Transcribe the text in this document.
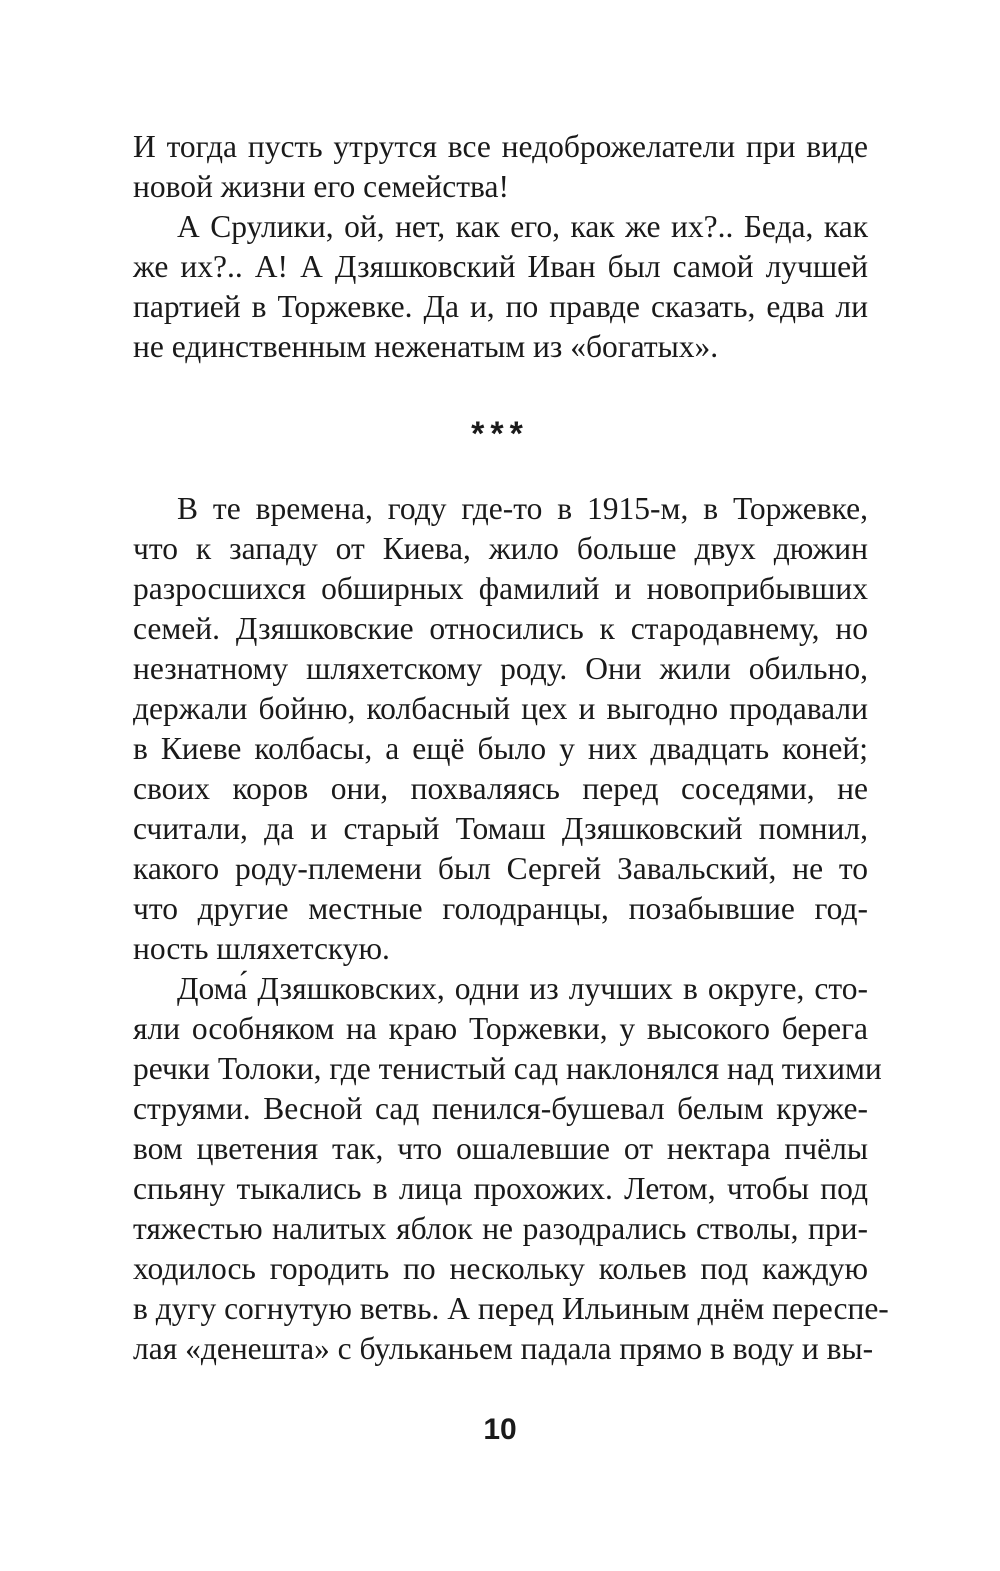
И тогда пусть утрутся все недоброжелатели при виде
новой жизни его семейства!
А Срулики, ой, нет, как его, как же их?.. Беда, как
же их?.. А! А Дзяшковский Иван был самой лучшей
партией в Торжевке. Да и, по правде сказать, едва ли
не единственным неженатым из «богатых».
***
В те времена, году где-то в 1915-м, в Торжевке,
что к западу от Киева, жило больше двух дюжин
разросшихся обширных фамилий и новоприбывших
семей. Дзяшковские относились к стародавнему, но
незнатному шляхетскому роду. Они жили обильно,
держали бойню, колбасный цех и выгодно продавали
в Киеве колбасы, а ещё было у них двадцать коней;
своих коров они, похваляясь перед соседями, не
считали, да и старый Томаш Дзяшковский помнил,
какого роду-племени был Сергей Завальский, не то
что другие местные голодранцы, позабывшие год-
ность шляхетскую.
Дома́ Дзяшковских, одни из лучших в округе, сто-
яли особняком на краю Торжевки, у высокого берега
речки Толоки, где тенистый сад наклонялся над тихими
струями. Весной сад пенился-бушевал белым круже-
вом цветения так, что ошалевшие от нектара пчёлы
спьяну тыкались в лица прохожих. Летом, чтобы под
тяжестью налитых яблок не разодрались стволы, при-
ходилось городить по нескольку кольев под каждую
в дугу согнутую ветвь. А перед Ильиным днём переспе-
лая «денешта» с бульканьем падала прямо в воду и вы-
10
